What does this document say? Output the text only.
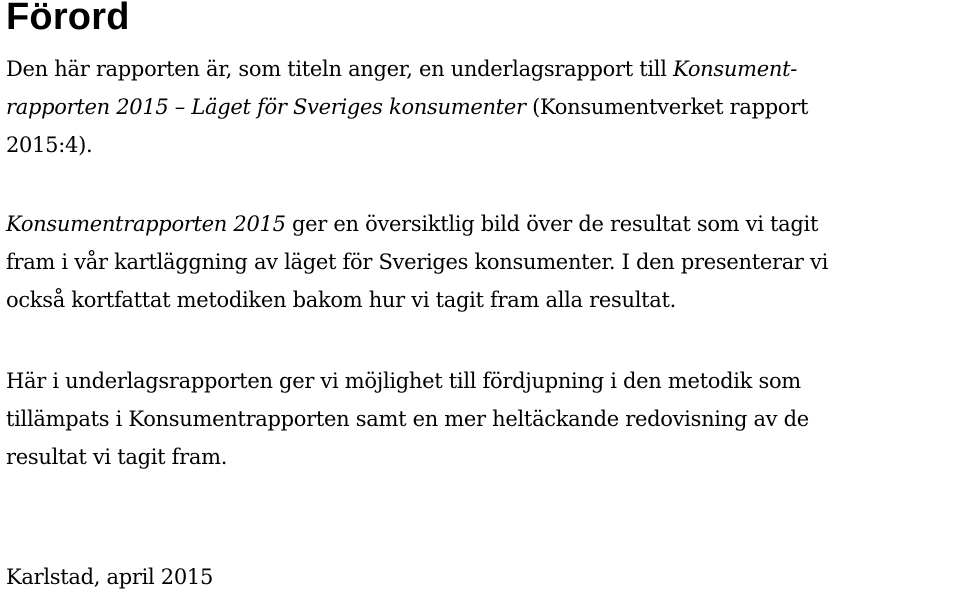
Förord

Den här rapporten är, som titeln anger, en underlagsrapport till Konsument-
rapporten 2015 – Läget för Sveriges konsumenter (Konsumentverket rapport
2015:4).

Konsumentrapporten 2015 ger en översiktlig bild över de resultat som vi tagit
fram i vår kartläggning av läget för Sveriges konsumenter. I den presenterar vi
också kortfattat metodiken bakom hur vi tagit fram alla resultat.

Här i underlagsrapporten ger vi möjlighet till fördjupning i den metodik som
tillämpats i Konsumentrapporten samt en mer heltäckande redovisning av de
resultat vi tagit fram.

Karlstad, april 2015
